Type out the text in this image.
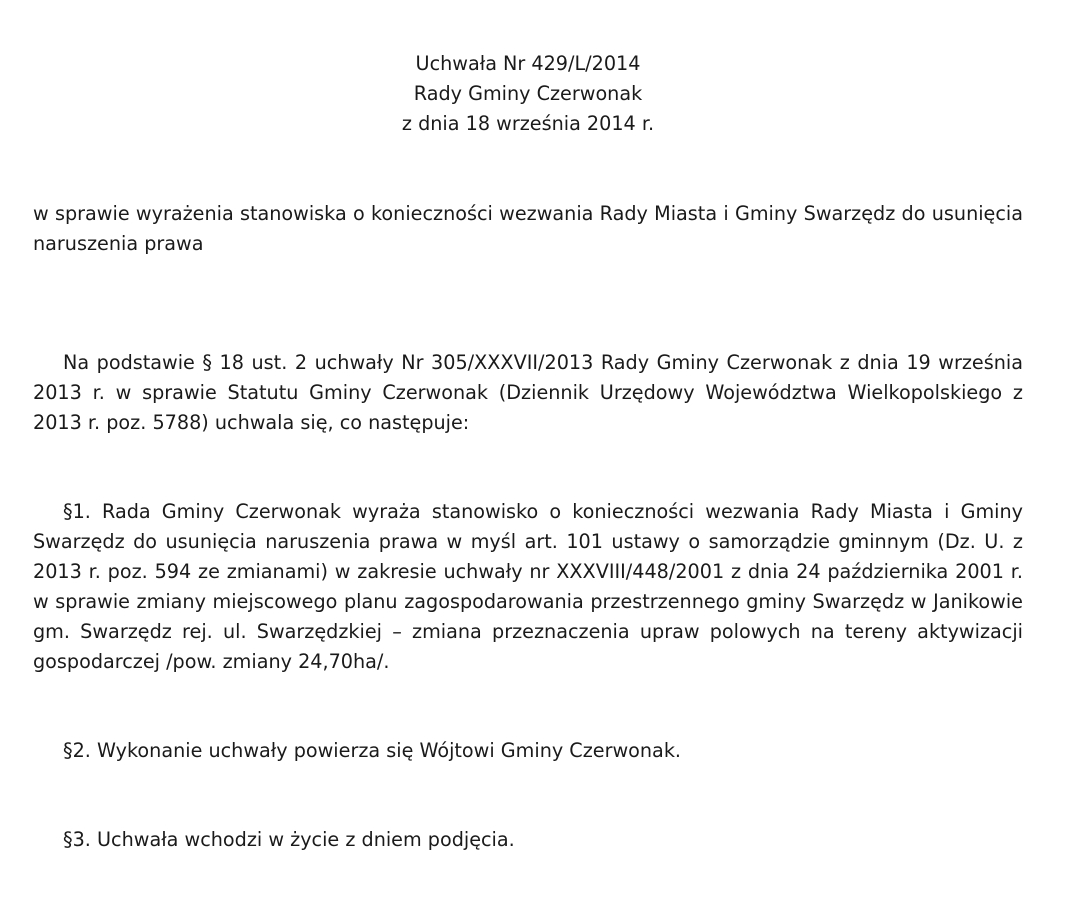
Uchwała Nr 429/L/2014
Rady Gminy Czerwonak
z dnia 18 września 2014 r.

w sprawie wyrażenia stanowiska o konieczności wezwania Rady Miasta i Gminy Swarzędz do usunięcia naruszenia prawa

Na podstawie § 18 ust. 2 uchwały Nr 305/XXXVII/2013 Rady Gminy Czerwonak z dnia 19 września 2013 r. w sprawie Statutu Gminy Czerwonak (Dziennik Urzędowy Województwa Wielkopolskiego z 2013 r. poz. 5788) uchwala się, co następuje:

§1. Rada Gminy Czerwonak wyraża stanowisko o konieczności wezwania Rady Miasta i Gminy Swarzędz do usunięcia naruszenia prawa w myśl art. 101 ustawy o samorządzie gminnym (Dz. U. z 2013 r. poz. 594 ze zmianami) w zakresie uchwały nr XXXVIII/448/2001 z dnia 24 października 2001 r. w sprawie zmiany miejscowego planu zagospodarowania przestrzennego gminy Swarzędz w Janikowie gm. Swarzędz rej. ul. Swarzędzkiej – zmiana przeznaczenia upraw polowych na tereny aktywizacji gospodarczej /pow. zmiany 24,70ha/.

§2. Wykonanie uchwały powierza się Wójtowi Gminy Czerwonak.

§3. Uchwała wchodzi w życie z dniem podjęcia.
